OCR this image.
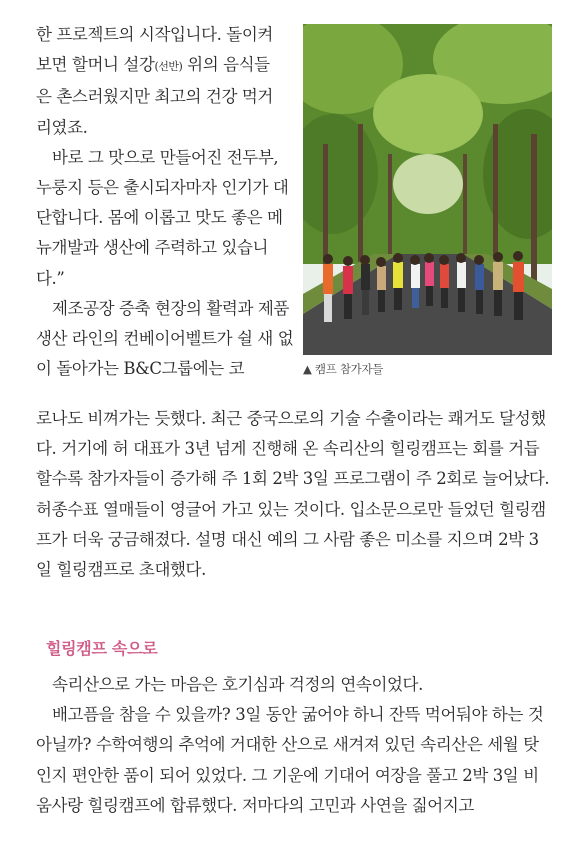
한 프로젝트의 시작입니다. 돌이켜

보면 할머니 설강(선반) 위의 음식들

은 촌스러웠지만 최고의 건강 먹거

리였죠.

바로 그 맛으로 만들어진 전두부, 누룽지 등은 출시되자마자 인기가 대단합니다. 몸에 이롭고 맛도 좋은 메뉴개발과 생산에 주력하고 있습니다.”

제조공장 증축 현장의 활력과 제품생산 라인의 컨베이어벨트가 쉴 새 없이 돌아가는 B&C그룹에는 코	▲ 캠프 참가자들

로나도 비껴가는 듯했다. 최근 중국으로의 기술 수출이라는 쾌거도 달성했다. 거기에 허 대표가 3년 넘게 진행해 온 속리산의 힐링캠프는 회를 거듭할수록 참가자들이 증가해 주 1회 2박 3일 프로그램이 주 2회로 늘어났다. 허종수표 열매들이 영글어 가고 있는 것이다. 입소문으로만 들었던 힐링캠프가 더욱 궁금해졌다. 설명 대신 예의 그 사람 좋은 미소를 지으며 2박 3일 힐링캠프로 초대했다.

힐링캠프 속으로

속리산으로 가는 마음은 호기심과 걱정의 연속이었다.

배고픔을 참을 수 있을까? 3일 동안 굶어야 하니 잔뜩 먹어둬야 하는 것 아닐까? 수학여행의 추억에 거대한 산으로 새겨져 있던 속리산은 세월 탓인지 편안한 품이 되어 있었다. 그 기운에 기대어 여장을 풀고 2박 3일 비움사랑 힐링캠프에 합류했다. 저마다의 고민과 사연을 짊어지고
